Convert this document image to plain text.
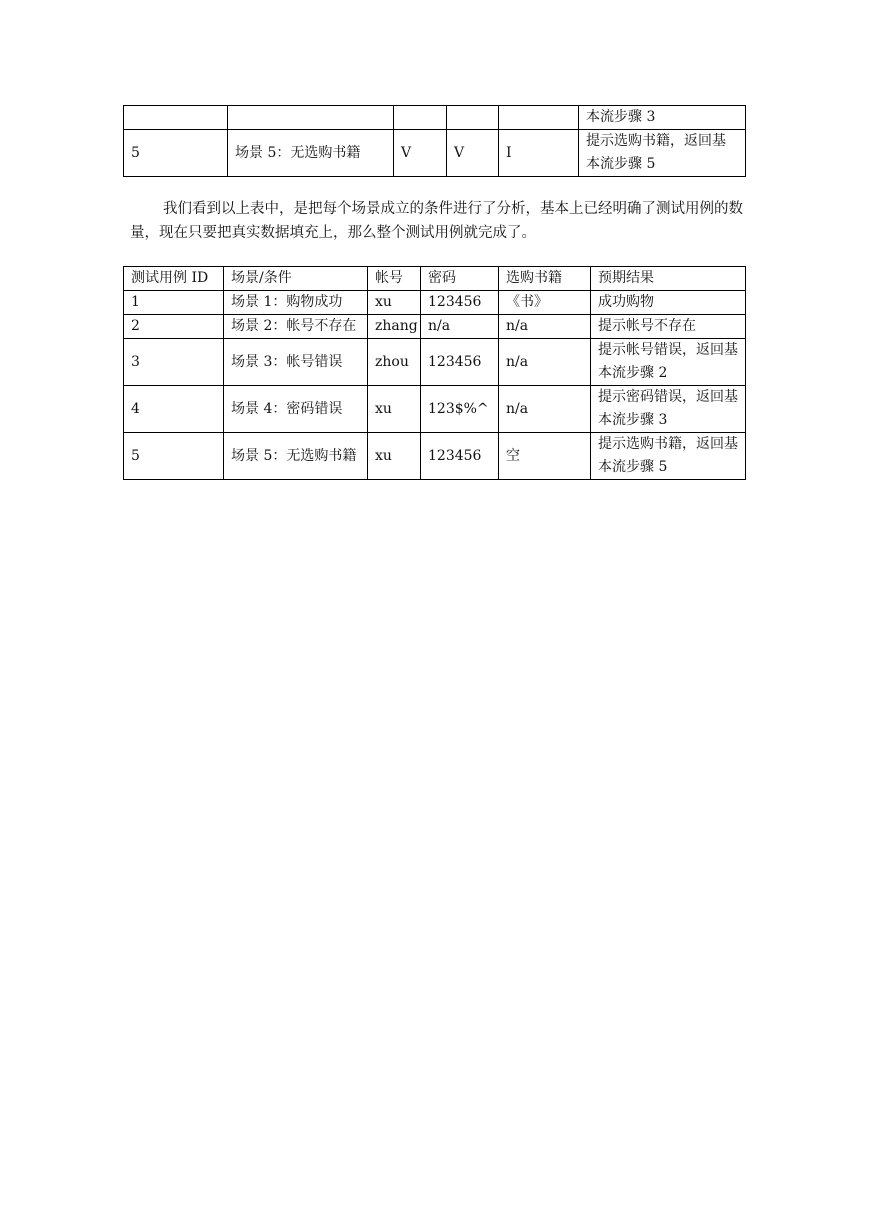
					本流步骤 3
5	场景 5：无选购书籍	V	V	I	提示选购书籍，返回基本流步骤 5

我们看到以上表中，是把每个场景成立的条件进行了分析，基本上已经明确了测试用例的数量，现在只要把真实数据填充上，那么整个测试用例就完成了。

测试用例 ID	场景/条件	帐号	密码	选购书籍	预期结果
1	场景 1：购物成功	xu	123456	《书》	成功购物
2	场景 2：帐号不存在	zhang	n/a	n/a	提示帐号不存在
3	场景 3：帐号错误	zhou	123456	n/a	提示帐号错误，返回基本流步骤 2
4	场景 4：密码错误	xu	123$%^	n/a	提示密码错误，返回基本流步骤 3
5	场景 5：无选购书籍	xu	123456	空	提示选购书籍，返回基本流步骤 5
